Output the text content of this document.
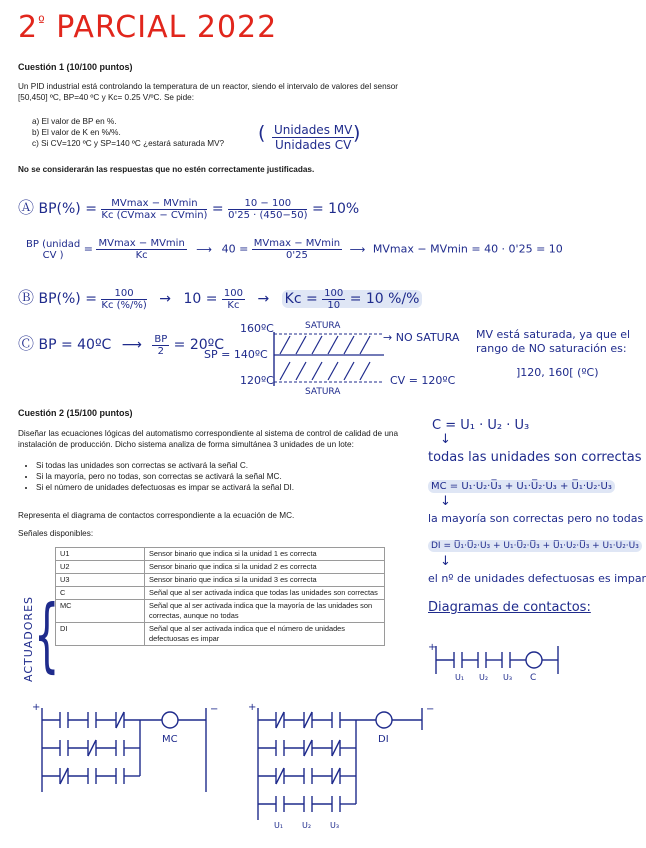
$2^º$ PARCIAL 2022
Cuestión 1 (10/100 puntos)
Un PID industrial está controlando la temperatura de un reactor, siendo el intervalo de valores del sensor [50,450] ºC, BP=40 ºC y Kc= 0.25 V/ºC. Se pide:
a) El valor de BP en %.
b) El valor de K en %/%.
c) Si CV=120 ºC y SP=140 ºC ¿estará saturada MV?	( Unidades MV
Unidades CV
)
No se considerarán las respuestas que no estén correctamente justificadas.
Ⓐ $BP(\%) = \frac{MVmax - MVmin}{Kc (CVmax - CVmin)} = \frac{10 - 100}{0'25 \cdot (450-50)} = 10\%$
BP (unidad
CV )	= $\frac{MVmax - MVmin}{Kc}$ ⟶ $40 = \frac{MVmax - MVmin}{0'25}$ ⟶ MVmax − MVmin = 40 · 0'25 = 10
Ⓑ $BP(\%) = \frac{100}{Kc (\%/\%)} \to 10 = \frac{100}{Kc} \to Kc = \frac{100}{10} = 10$ %/%
Ⓒ BP = 40ºC ⟶ $\frac{BP}{2}$ = 20ºC
160ºC
SP = 140ºC
120ºC
SATURA
SATURA
→ NO SATURA
CV = 120ºC
MV está saturada, ya que el
rango de NO saturación es:
]120, 160[ (ºC)
Cuestión 2 (15/100 puntos)
Diseñar las ecuaciones lógicas del automatismo correspondiente al sistema de control de calidad de una instalación de producción. Dicho sistema analiza de forma simultánea 3 unidades de un lote:
• Si todas las unidades son correctas se activará la señal C.
• Si la mayoría, pero no todas, son correctas se activará la señal MC.
• Si el número de unidades defectuosas es impar se activará la señal DI.
Representa el diagrama de contactos correspondiente a la ecuación de MC.
Señales disponibles:
ACTUADORES {
U1	Sensor binario que indica si la unidad 1 es correcta
U2	Sensor binario que indica si la unidad 2 es correcta
U3	Sensor binario que indica si la unidad 3 es correcta
C	Señal que al ser activada indica que todas las unidades son correctas
MC	Señal que al ser activada indica que la mayoría de las unidades son correctas, aunque no todas
DI	Señal que al ser activada indica que el número de unidades defectuosas es impar
C = U₁ · U₂ · U₃
↓
todas las unidades son correctas
MC = U₁·U₂·U̅₃ + U₁·U̅₂·U₃ + U̅₁·U₂·U₃
↓
la mayoría son correctas pero no todas
DI = U̅₁·U̅₂·U₃ + U₁·U̅₂·U̅₃ + U̅₁·U₂·U̅₃ + U₁·U₂·U₃
↓
el nº de unidades defectuosas es impar
Diagramas de contactos:
+
U₁ U₂ U₃ C
+	−
MC
+	−
DI
U₁ U₂ U₃
